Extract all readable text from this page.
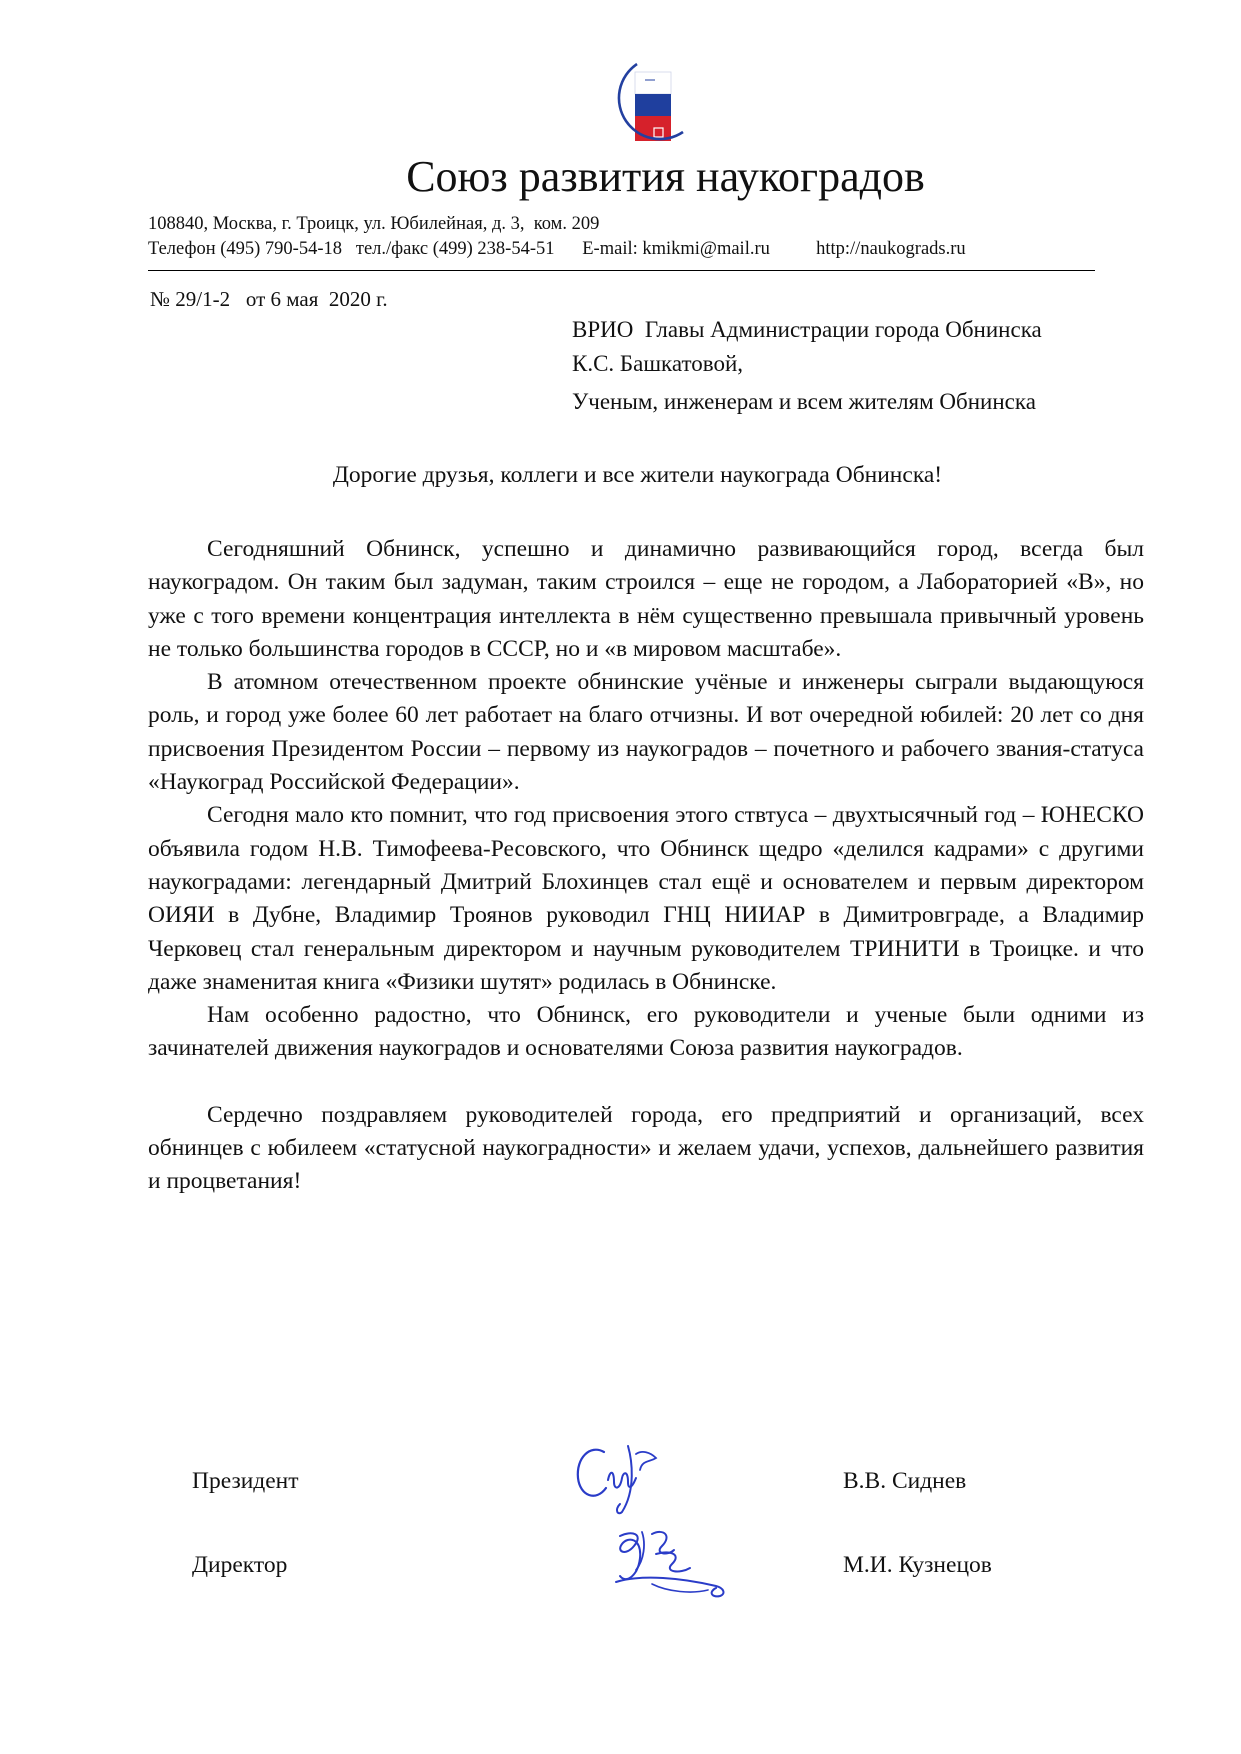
Союз развития наукоградов
108840, Москва, г. Троицк, ул. Юбилейная, д. 3,  ком. 209
Телефон (495) 790-54-18   тел./факс (499) 238-54-51      E-mail: kmikmi@mail.ru          http://naukograds.ru
№ 29/1-2   от 6 мая  2020 г.
ВРИО  Главы Администрации города Обнинска
К.С. Башкатовой,
Ученым, инженерам и всем жителям Обнинска
Дорогие друзья, коллеги и все жители наукограда Обнинска!

Сегодняшний Обнинск, успешно и динамично развивающийся город, всегда был наукоградом. Он таким был задуман, таким строился – еще не городом, а Лабораторией «В», но уже с того времени концентрация интеллекта в нём существенно превышала привычный уровень не только большинства городов в СССР, но и «в мировом масштабе».

В атомном отечественном проекте обнинские учёные и инженеры сыграли выдающуюся роль, и город уже более 60 лет работает на благо отчизны. И вот очередной юбилей: 20 лет со дня присвоения Президентом России – первому из наукоградов – почетного и рабочего звания-статуса «Наукоград Российской Федерации».

Сегодня мало кто помнит, что год присвоения этого ствтуса – двухтысячный год – ЮНЕСКО объявила годом Н.В. Тимофеева-Ресовского, что Обнинск щедро «делился кадрами» с другими наукоградами: легендарный Дмитрий Блохинцев стал ещё и основателем и первым директором ОИЯИ в Дубне, Владимир Троянов руководил ГНЦ НИИАР в Димитровграде, а Владимир Черковец стал генеральным директором и научным руководителем ТРИНИТИ в Троицке. и что даже знаменитая книга «Физики шутят» родилась в Обнинске.

Нам особенно радостно, что Обнинск, его руководители и ученые были одними из зачинателей движения наукоградов и основателями Союза развития наукоградов.

Сердечно поздравляем руководителей города, его предприятий и организаций, всех обнинцев с юбилеем «статусной наукоградности» и желаем удачи, успехов, дальнейшего развития и процветания!

Президент	В.В. Сиднев
Директор	М.И. Кузнецов
